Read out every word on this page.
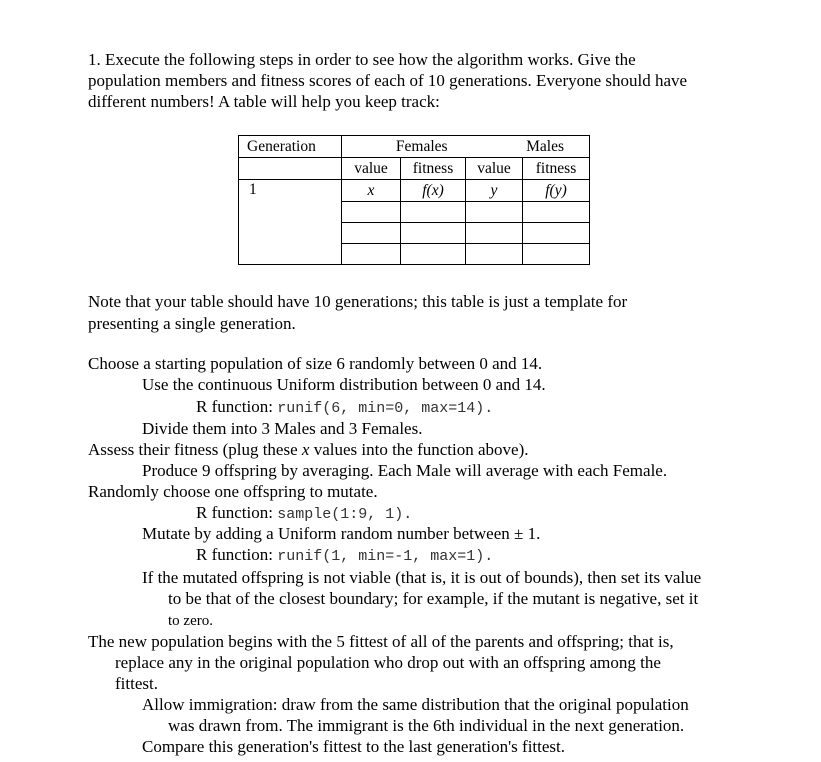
1. Execute the following steps in order to see how the algorithm works. Give the
population members and fitness scores of each of 10 generations. Everyone should have
different numbers! A table will help you keep track:
Generation	Females		Males	
	value	fitness	value	fitness
1	x	f(x)	y	f(y)

Note that your table should have 10 generations; this table is just a template for
presenting a single generation.
Choose a starting population of size 6 randomly between 0 and 14.
Use the continuous Uniform distribution between 0 and 14.
R function: runif(6, min=0, max=14).
Divide them into 3 Males and 3 Females.
Assess their fitness (plug these x values into the function above).
Produce 9 offspring by averaging. Each Male will average with each Female.
Randomly choose one offspring to mutate.
R function: sample(1:9, 1).
Mutate by adding a Uniform random number between ± 1.
R function: runif(1, min=-1, max=1).
If the mutated offspring is not viable (that is, it is out of bounds), then set its value
to be that of the closest boundary; for example, if the mutant is negative, set it
to zero.
The new population begins with the 5 fittest of all of the parents and offspring; that is,
replace any in the original population who drop out with an offspring among the
fittest.
Allow immigration: draw from the same distribution that the original population
was drawn from. The immigrant is the 6th individual in the next generation.
Compare this generation's fittest to the last generation's fittest.
